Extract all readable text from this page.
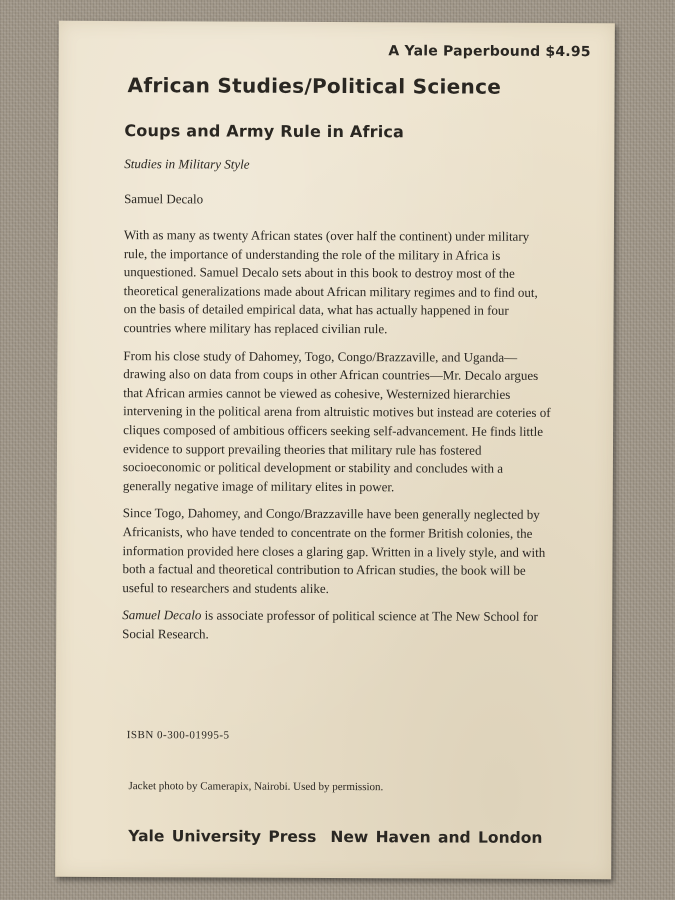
A Yale Paperbound $4.95
African Studies/Political Science
Coups and Army Rule in Africa
Studies in Military Style
Samuel Decalo

With as many as twenty African states (over half the continent) under military rule, the importance of understanding the role of the military in Africa is unquestioned. Samuel Decalo sets about in this book to destroy most of the theoretical generalizations made about African military regimes and to find out, on the basis of detailed empirical data, what has actually happened in four countries where military has replaced civilian rule.

From his close study of Dahomey, Togo, Congo/Brazzaville, and Uganda—drawing also on data from coups in other African countries—Mr. Decalo argues that African armies cannot be viewed as cohesive, Westernized hierarchies intervening in the political arena from altruistic motives but instead are coteries of cliques composed of ambitious officers seeking self-advancement. He finds little evidence to support prevailing theories that military rule has fostered socioeconomic or political development or stability and concludes with a generally negative image of military elites in power.

Since Togo, Dahomey, and Congo/Brazzaville have been generally neglected by Africanists, who have tended to concentrate on the former British colonies, the information provided here closes a glaring gap. Written in a lively style, and with both a factual and theoretical contribution to African studies, the book will be useful to researchers and students alike.

Samuel Decalo is associate professor of political science at The New School for Social Research.

ISBN 0-300-01995-5
Jacket photo by Camerapix, Nairobi. Used by permission.
Yale University Press New Haven and London
